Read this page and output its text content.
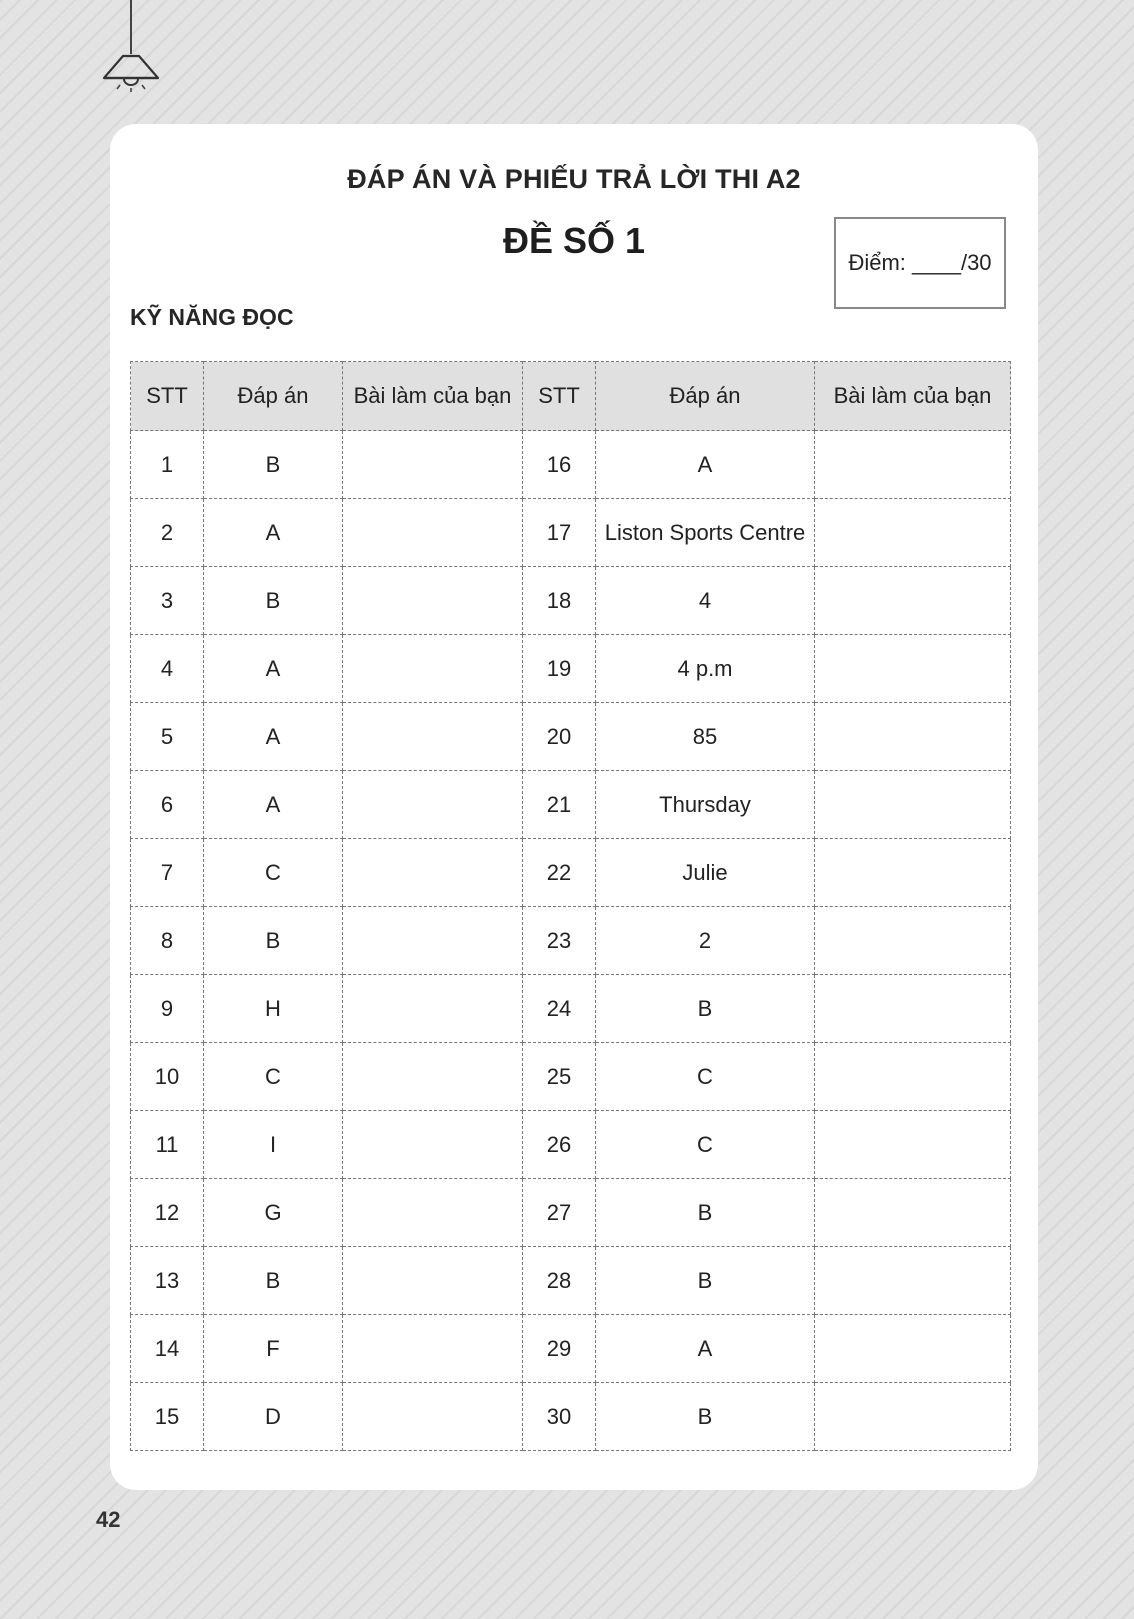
ĐÁP ÁN VÀ PHIẾU TRẢ LỜI THI A2
ĐỀ SỐ 1
Điểm: ____/30
KỸ NĂNG ĐỌC
STT	Đáp án	Bài làm của bạn	STT	Đáp án	Bài làm của bạn
1	B		16	A	
2	A		17	Liston Sports Centre	
3	B		18	4	
4	A		19	4 p.m	
5	A		20	85	
6	A		21	Thursday	
7	C		22	Julie	
8	B		23	2	
9	H		24	B	
10	C		25	C	
11	I		26	C	
12	G		27	B	
13	B		28	B	
14	F		29	A	
15	D		30	B	
42
